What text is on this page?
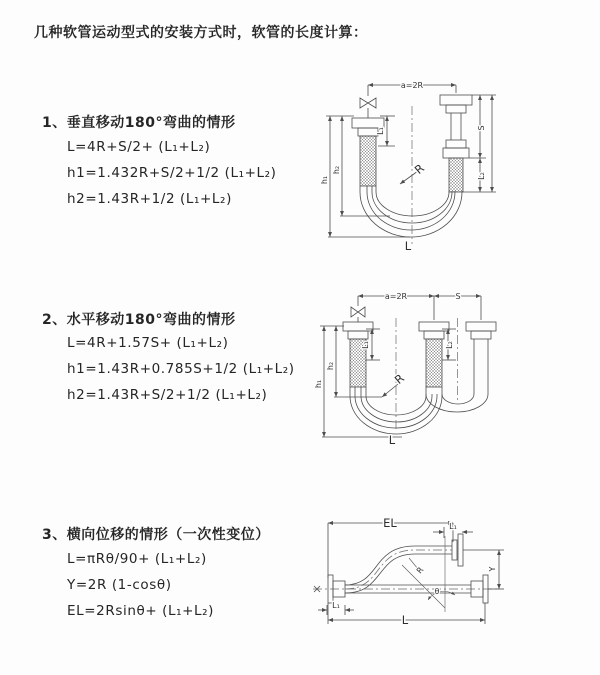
几种软管运动型式的安装方式时，软管的长度计算：
1、垂直移动180°弯曲的情形
L=4R+S/2+ (L₁+L₂)
h1=1.432R+S/2+1/2 (L₁+L₂)
h2=1.43R+1/2 (L₁+L₂)
2、水平移动180°弯曲的情形
L=4R+1.57S+ (L₁+L₂)
h1=1.43R+0.785S+1/2 (L₁+L₂)
h2=1.43R+S/2+1/2 (L₁+L₂)
3、横向位移的情形（一次性变位）
L=πRθ/90+ (L₁+L₂)
Y=2R (1-cosθ)
EL=2Rsinθ+ (L₁+L₂)
a=2R
L₁	S
L₂
h₁
h₂	R
L
a=2R	S
L₁	L₂
h₁
h₂
R
L
EL	L₁
Y
R
θ
L₁
L
